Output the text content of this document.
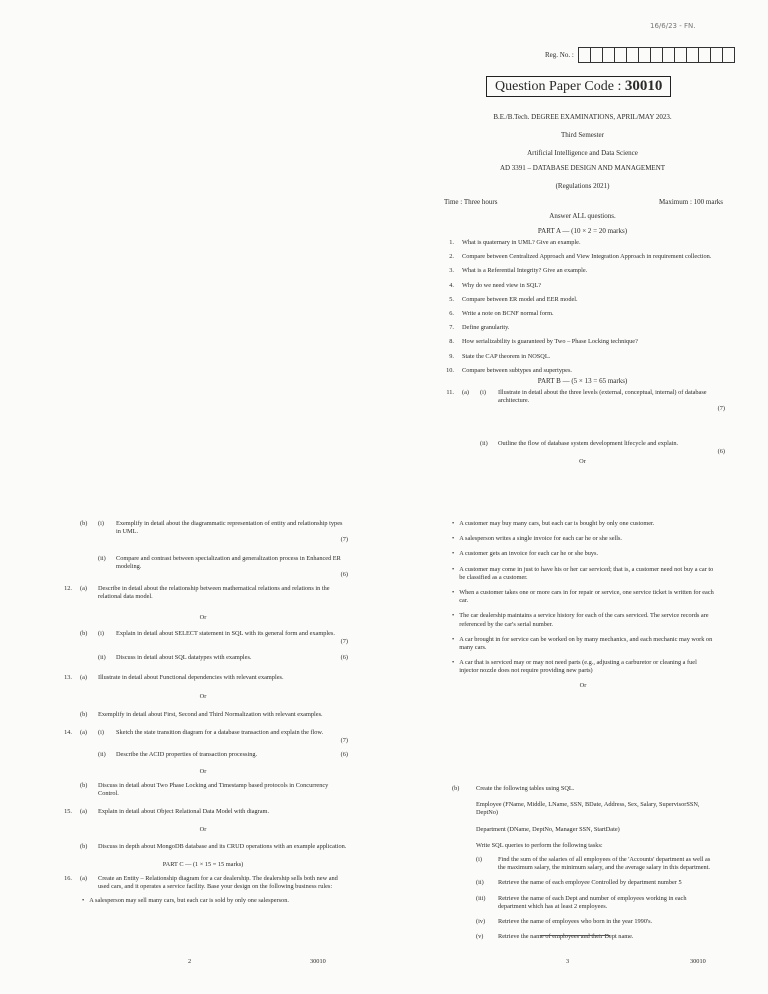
16/6/23 - FN.
Reg. No. :
Question Paper Code : 30010
B.E./B.Tech. DEGREE EXAMINATIONS, APRIL/MAY 2023.
Third Semester
Artificial Intelligence and Data Science
AD 3391 – DATABASE DESIGN AND MANAGEMENT
(Regulations 2021)
Time : Three hours	Maximum : 100 marks
Answer ALL questions.
PART A — (10 × 2 = 20 marks)
1. What is quaternary in UML? Give an example.
2. Compare between Centralized Approach and View Integration Approach in requirement collection.
3. What is a Referential Integrity? Give an example.
4. Why do we need view in SQL?
5. Compare between ER model and EER model.
6. Write a note on BCNF normal form.
7. Define granularity.
8. How serializability is guaranteed by Two – Phase Locking technique?
9. State the CAP theorem in NOSQL.
10. Compare between subtypes and supertypes.
PART B — (5 × 13 = 65 marks)
11. (a)	(i)	Illustrate in detail about the three levels (external, conceptual, internal) of database architecture.
(7)
(ii)	Outline the flow of database system development lifecycle and explain.
(6)
Or
(b)	(i)	Exemplify in detail about the diagrammatic representation of entity and relationship types in UML.
(7)
(ii)	Compare and contrast between specialization and generalization process in Enhanced ER modeling.
(6)
12. (a)	Describe in detail about the relationship between mathematical relations and relations in the relational data model.
Or
(b)	(i)	Explain in detail about SELECT statement in SQL with its general form and examples.
(7)
(ii)	Discuss in detail about SQL datatypes with examples.	(6)
13. (a)	Illustrate in detail about Functional dependencies with relevant examples.
Or
(b)	Exemplify in detail about First, Second and Third Normalization with relevant examples.
14. (a)	(i)	Sketch the state transition diagram for a database transaction and explain the flow.
(7)
(ii)	Describe the ACID properties of transaction processing.	(6)
Or
(b)	Discuss in detail about Two Phase Locking and Timestamp based protocols in Concurrency Control.
15. (a)	Explain in detail about Object Relational Data Model with diagram.
Or
(b)	Discuss in depth about MongoDB database and its CRUD operations with an example application.
PART C — (1 × 15 = 15 marks)
16. (a)	Create an Entity – Relationship diagram for a car dealership. The dealership sells both new and used cars, and it operates a service facility. Base your design on the following business rules:
• A salesperson may sell many cars, but each car is sold by only one salesperson.
2	30010
• A customer may buy many cars, but each car is bought by only one customer.
• A salesperson writes a single invoice for each car he or she sells.
• A customer gets an invoice for each car he or she buys.
• A customer may come in just to have his or her car serviced; that is, a customer need not buy a car to be classified as a customer.
• When a customer takes one or more cars in for repair or service, one service ticket is written for each car.
• The car dealership maintains a service history for each of the cars serviced. The service records are referenced by the car's serial number.
• A car brought in for service can be worked on by many mechanics, and each mechanic may work on many cars.
• A car that is serviced may or may not need parts (e.g., adjusting a carburetor or cleaning a fuel injector nozzle does not require providing new parts)
Or
(b)	Create the following tables using SQL.
Employee (FName, Middle, LName, SSN, BDate, Address, Sex, Salary, SupervisorSSN, DeptNo)
Department (DName, DeptNo, Manager SSN, StartDate)
Write SQL queries to perform the following tasks:
(i)	Find the sum of the salaries of all employees of the 'Accounts' department as well as the maximum salary, the minimum salary, and the average salary in this department.
(ii)	Retrieve the name of each employee Controlled by department number 5
(iii)	Retrieve the name of each Dept and number of employees working in each department which has at least 2 employees.
(iv)	Retrieve the name of employees who born in the year 1990's.
(v)	Retrieve the name of employees and their Dept name.
3	30010
